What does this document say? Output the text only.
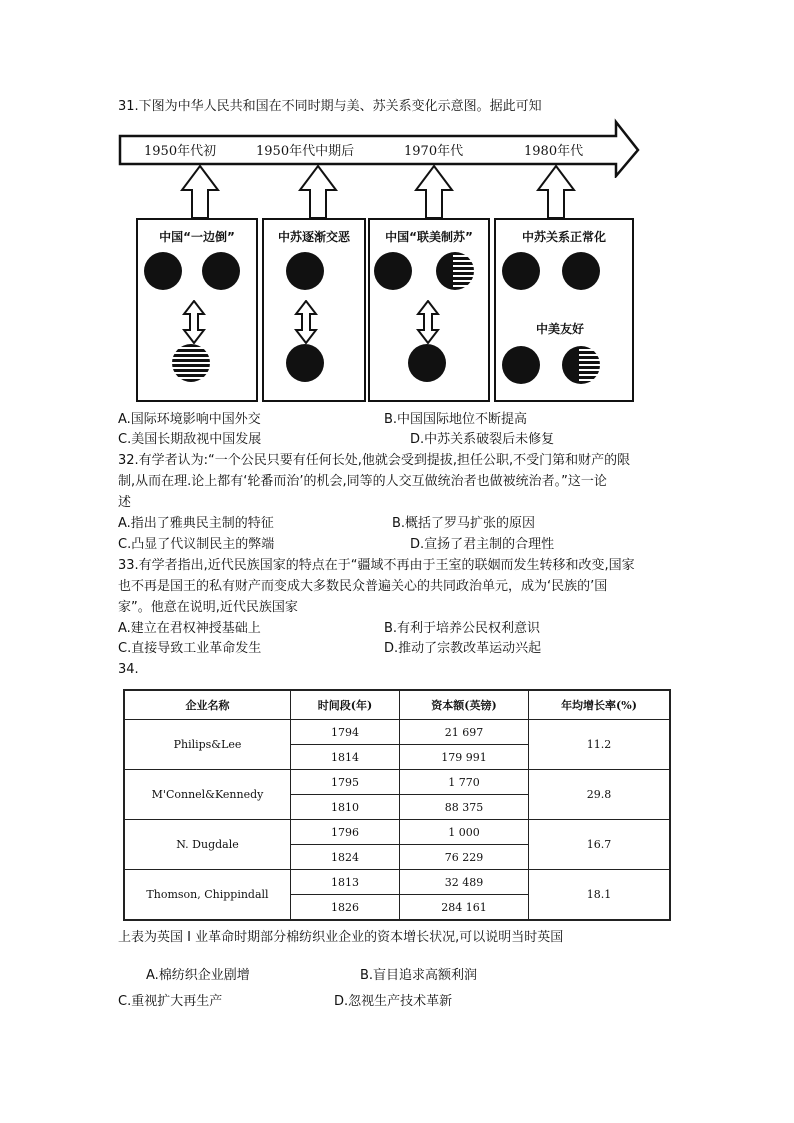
31.下图为中华人民共和国在不同时期与美、苏关系变化示意图。据此可知
1950年代初	1950年代中期后	1970年代	1980年代
中国“一边倒”	中苏逐渐交恶	中国“联美制苏”	中苏关系正常化
中美友好
A.国际环境影响中国外交	B.中国国际地位不断提高
C.美国长期敌视中国发展	D.中苏关系破裂后未修复
32.有学者认为:“一个公民只要有任何长处,他就会受到提拔,担任公职,不受门第和财产的限
制,从而在理.论上都有‘轮番而治’的机会,同等的人交互做统治者也做被统治者。”这一论
述
A.指出了雅典民主制的特征	B.概括了罗马扩张的原因
C.凸显了代议制民主的弊端	D.宣扬了君主制的合理性
33.有学者指出,近代民族国家的特点在于“疆域不再由于王室的联姻而发生转移和改变,国家
也不再是国王的私有财产而变成大多数民众普遍关心的共同政治单元，成为‘民族的’国
家”。他意在说明,近代民族国家
A.建立在君权神授基础上	B.有利于培养公民权利意识
C.直接导致工业革命发生	D.推动了宗教改革运动兴起
34.
企业名称	时间段(年)	资本额(英镑)	年均增长率(%)
Philips&Lee	1794	21 697	11.2
	1814	179 991	
M'Connel&Kennedy	1795	1 770	29.8
	1810	88 375	
N. Dugdale	1796	1 000	16.7
	1824	76 229	
Thomson, Chippindall	1813	32 489	18.1
	1826	284 161	
上表为英国 I 业革命时期部分棉纺织业企业的资本增长状况,可以说明当时英国
A.棉纺织企业剧增	B.盲目追求高额利润
C.重视扩大再生产	D.忽视生产技术革新
